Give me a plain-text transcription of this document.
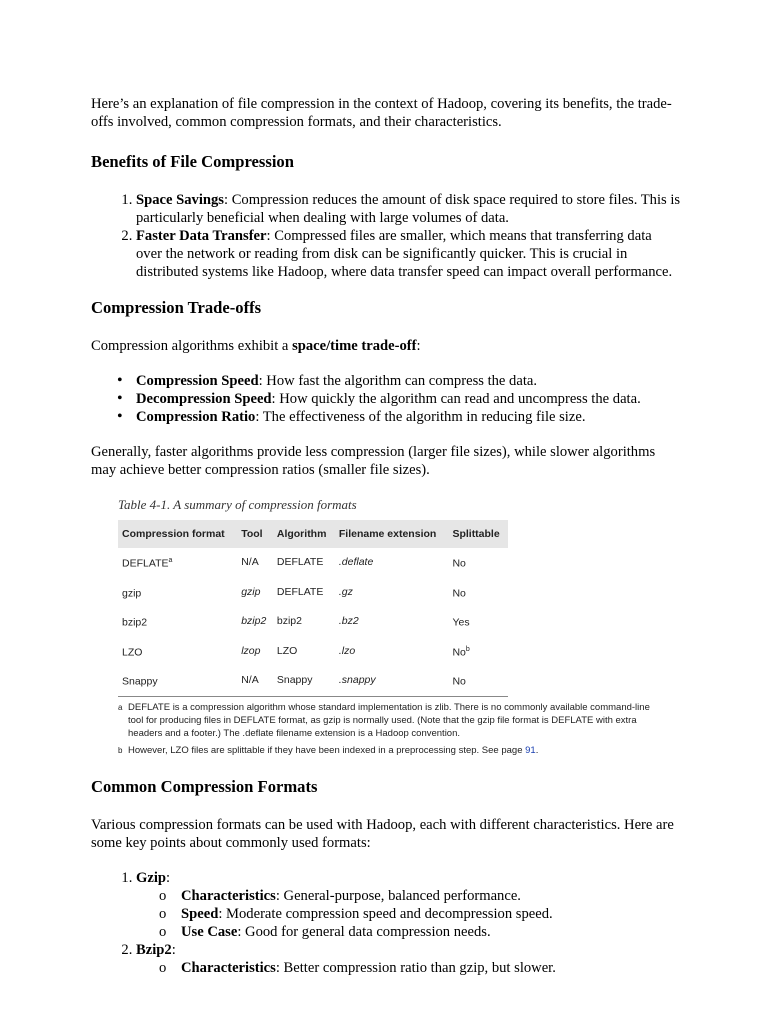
Here’s an explanation of file compression in the context of Hadoop, covering its benefits, the trade-offs involved, common compression formats, and their characteristics.

Benefits of File Compression
1. Space Savings: Compression reduces the amount of disk space required to store files. This is particularly beneficial when dealing with large volumes of data.
2. Faster Data Transfer: Compressed files are smaller, which means that transferring data over the network or reading from disk can be significantly quicker. This is crucial in distributed systems like Hadoop, where data transfer speed can impact overall performance.
Compression Trade-offs

Compression algorithms exhibit a space/time trade-off:

• Compression Speed: How fast the algorithm can compress the data.
• Decompression Speed: How quickly the algorithm can read and uncompress the data.
• Compression Ratio: The effectiveness of the algorithm in reducing file size.

Generally, faster algorithms provide less compression (larger file sizes), while slower algorithms may achieve better compression ratios (smaller file sizes).

Table 4-1. A summary of compression formats
Compression format	Tool	Algorithm	Filename extension	Splittable
DEFLATE$^a$	N/A	DEFLATE	.deflate	No
gzip	gzip	DEFLATE	.gz	No
bzip2	bzip2	bzip2	.bz2	Yes
LZO	lzop	LZO	.lzo	No$^b$
Snappy	N/A	Snappy	.snappy	No
a DEFLATE is a compression algorithm whose standard implementation is zlib. There is no commonly available command-line tool for producing files in DEFLATE format, as gzip is normally used. (Note that the gzip file format is DEFLATE with extra headers and a footer.) The .deflate filename extension is a Hadoop convention.
b However, LZO files are splittable if they have been indexed in a preprocessing step. See page 91.
Common Compression Formats

Various compression formats can be used with Hadoop, each with different characteristics. Here are some key points about commonly used formats:

1. Gzip:
o Characteristics: General-purpose, balanced performance.
o Speed: Moderate compression speed and decompression speed.
o Use Case: Good for general data compression needs.
2. Bzip2:
o Characteristics: Better compression ratio than gzip, but slower.
